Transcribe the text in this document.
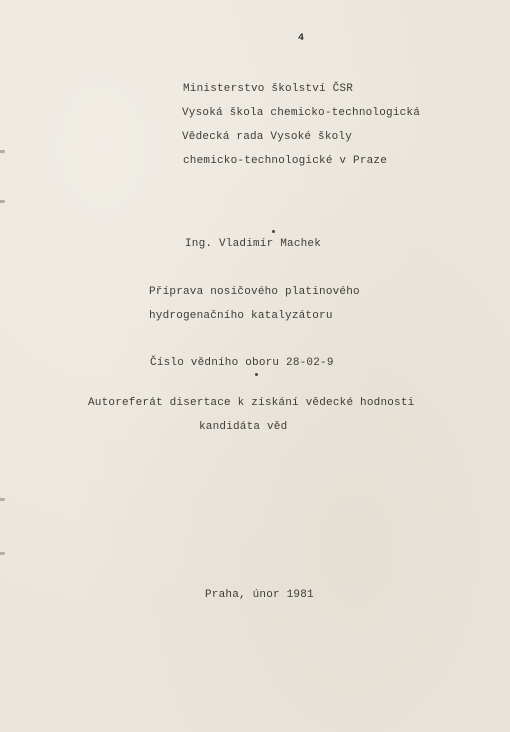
4
Ministerstvo školství ČSR
Vysoká škola chemicko-technologická
Vědecká rada Vysoké školy
chemicko-technologické v Praze
Ing. Vladimír Machek
Příprava nosičového platinového
hydrogenačního katalyzátoru
Číslo vědního oboru 28-02-9
Autoreferát disertace k získání vědecké hodnosti
kandidáta věd
Praha, únor 1981
